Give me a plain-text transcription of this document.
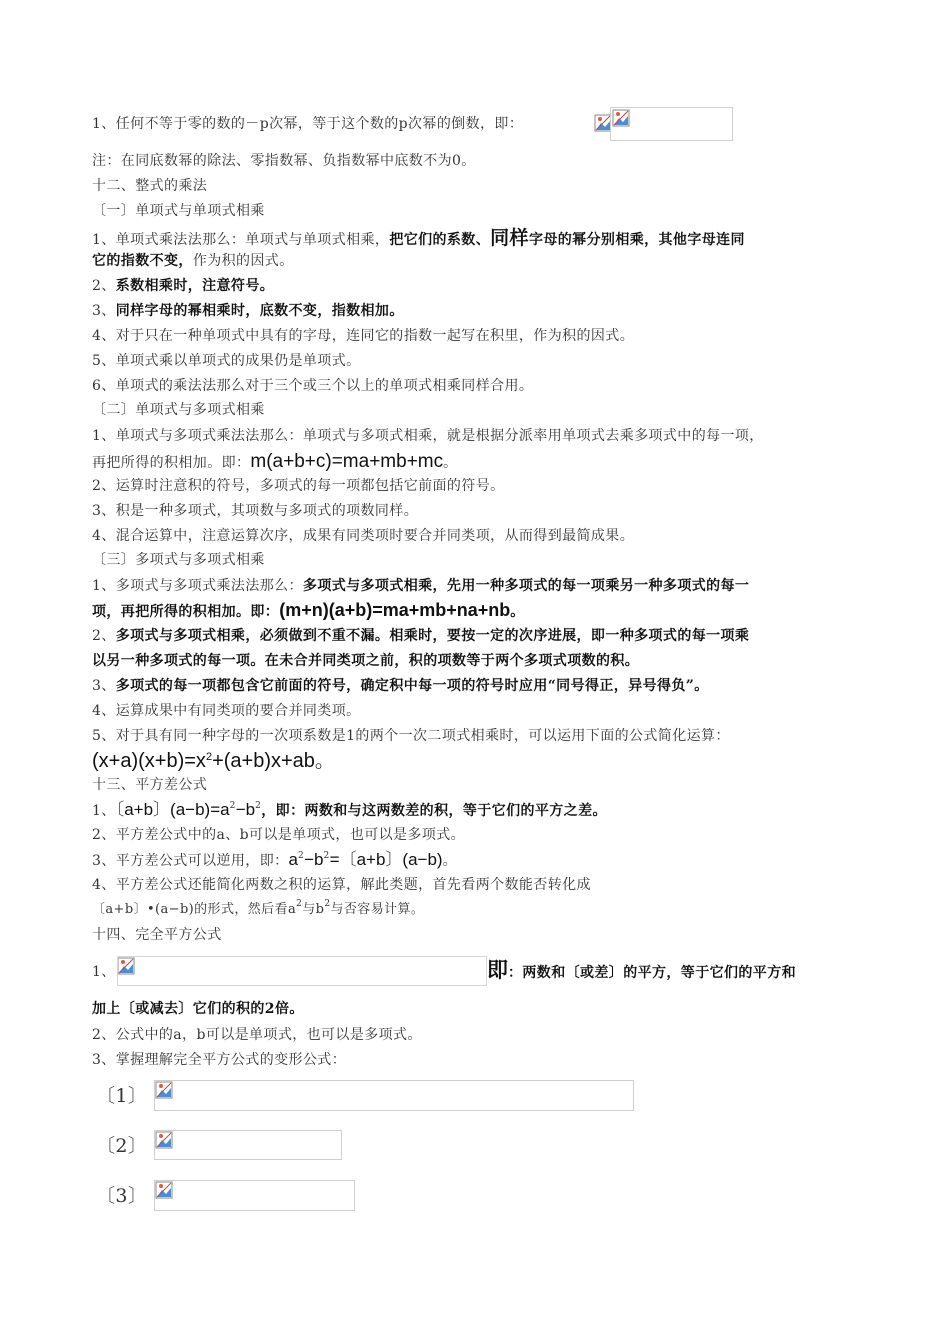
1、任何不等于零的数的－p次幂，等于这个数的p次幂的倒数，即：
注：在同底数幂的除法、零指数幂、负指数幂中底数不为0。
十二、整式的乘法
〔一〕单项式与单项式相乘
1、单项式乘法法那么：单项式与单项式相乘，把它们的系数、同样字母的幂分别相乘，其他字母连同
它的指数不变，作为积的因式。
2、系数相乘时，注意符号。
3、同样字母的幂相乘时，底数不变，指数相加。
4、对于只在一种单项式中具有的字母，连同它的指数一起写在积里，作为积的因式。
5、单项式乘以单项式的成果仍是单项式。
6、单项式的乘法法那么对于三个或三个以上的单项式相乘同样合用。
〔二〕单项式与多项式相乘
1、单项式与多项式乘法法那么：单项式与多项式相乘，就是根据分派率用单项式去乘多项式中的每一项，
再把所得的积相加。即：m(a+b+c)=ma+mb+mc。
2、运算时注意积的符号，多项式的每一项都包括它前面的符号。
3、积是一种多项式，其项数与多项式的项数同样。
4、混合运算中，注意运算次序，成果有同类项时要合并同类项，从而得到最简成果。
〔三〕多项式与多项式相乘
1、多项式与多项式乘法法那么：多项式与多项式相乘，先用一种多项式的每一项乘另一种多项式的每一
项，再把所得的积相加。即：(m+n)(a+b)=ma+mb+na+nb。
2、多项式与多项式相乘，必须做到不重不漏。相乘时，要按一定的次序进展，即一种多项式的每一项乘
以另一种多项式的每一项。在未合并同类项之前，积的项数等于两个多项式项数的积。
3、多项式的每一项都包含它前面的符号，确定积中每一项的符号时应用“同号得正，异号得负”。
4、运算成果中有同类项的要合并同类项。
5、对于具有同一种字母的一次项系数是1的两个一次二项式相乘时，可以运用下面的公式简化运算：
$(x+a)(x+b)=x^2+(a+b)x+ab$。
十三、平方差公式
1、〔a+b〕$(a-b)=a^2-b^2$，即：两数和与这两数差的积，等于它们的平方之差。
2、平方差公式中的a、b可以是单项式，也可以是多项式。
3、平方差公式可以逆用，即：$a^2-b^2=$〔a+b〕(a−b)。
4、平方差公式还能简化两数之积的运算，解此类题，首先看两个数能否转化成
〔a+b〕•(a−b)的形式，然后看$a^2$与$b^2$与否容易计算。
十四、完全平方公式
1、	即：两数和〔或差〕的平方，等于它们的平方和
加上〔或减去〕它们的积的2倍。
2、公式中的a，b可以是单项式，也可以是多项式。
3、掌握理解完全平方公式的变形公式：
〔1〕
〔2〕
〔3〕
